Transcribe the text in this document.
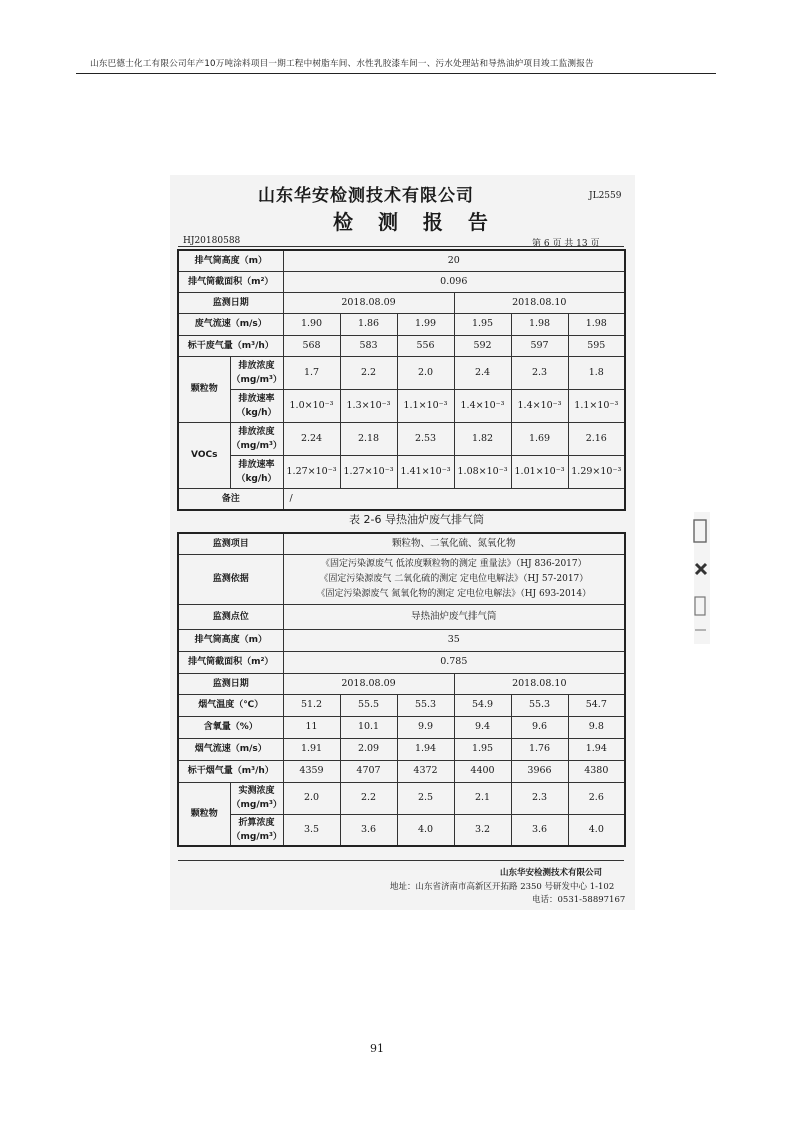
山东巴德士化工有限公司年产10万吨涂料项目一期工程中树脂车间、水性乳胶漆车间一、污水处理站和导热油炉项目竣工监测报告

山东华安检测技术有限公司	JL2559
检 测 报 告
HJ20180588	第 6 页 共 13 页
排气筒高度（m）		20					
排气筒截面积（m²）		0.096					
监测日期		2018.08.09			2018.08.10		
废气流速（m/s）		1.90	1.86	1.99	1.95	1.98	1.98
标干废气量（m³/h）		568	583	556	592	597	595
颗粒物	排放浓度（mg/m³）	1.7	2.2	2.0	2.4	2.3	1.8
	排放速率（kg/h）	1.0×10⁻³	1.3×10⁻³	1.1×10⁻³	1.4×10⁻³	1.4×10⁻³	1.1×10⁻³
VOCs	排放浓度（mg/m³）	2.24	2.18	2.53	1.82	1.69	2.16
	排放速率（kg/h）	1.27×10⁻³	1.27×10⁻³	1.41×10⁻³	1.08×10⁻³	1.01×10⁻³	1.29×10⁻³
备注		/					
表 2-6 导热油炉废气排气筒
监测项目		颗粒物、二氧化硫、氮氧化物					
监测依据		《固定污染源废气 低浓度颗粒物的测定 重量法》（HJ 836-2017）
《固定污染源废气 二氧化硫的测定 定电位电解法》（HJ 57-2017）
《固定污染源废气 氮氧化物的测定 定电位电解法》（HJ 693-2014）					

监测点位		导热油炉废气排气筒					
排气筒高度（m）		35					
排气筒截面积（m²）		0.785					
监测日期		2018.08.09			2018.08.10		
烟气温度（℃）		51.2	55.5	55.3	54.9	55.3	54.7
含氧量（%）		11	10.1	9.9	9.4	9.6	9.8
烟气流速（m/s）		1.91	2.09	1.94	1.95	1.76	1.94
标干烟气量（m³/h）		4359	4707	4372	4400	3966	4380
颗粒物	实测浓度（mg/m³）	2.0	2.2	2.5	2.1	2.3	2.6
	折算浓度（mg/m³）	3.5	3.6	4.0	3.2	3.6	4.0
山东华安检测技术有限公司
地址：山东省济南市高新区开拓路 2350 号研发中心 1-102
电话：0531-58897167
91
